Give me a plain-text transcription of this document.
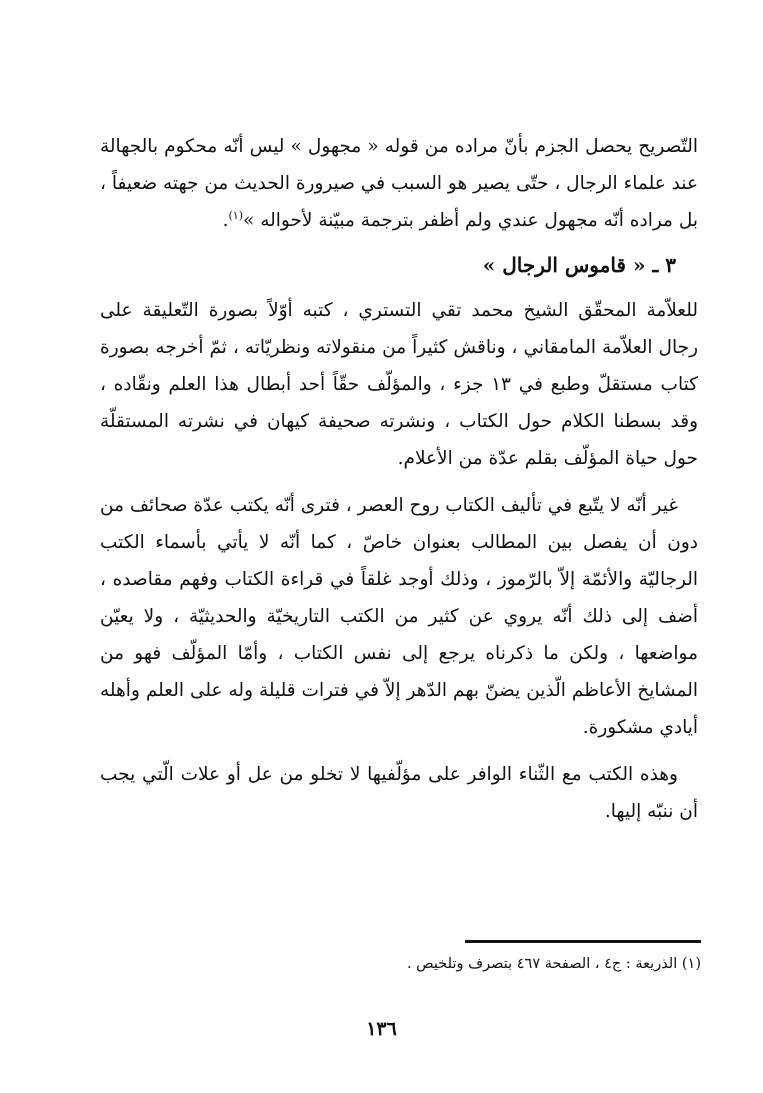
التّصريح يحصل الجزم بأنّ مراده من قوله « مجهول » ليس أنّه محكوم بالجهالة عند علماء الرجال ، حتّى يصير هو السبب في صيرورة الحديث من جهته ضعيفاً ، بل مراده أنّه مجهول عندي ولم أظفر بترجمة مبيّنة لأحواله »$^{(١)}$.

٣ ـ « قاموس الرجال »

للعلاّمة المحقّق الشيخ محمد تقي التستري ، كتبه أوّلاً بصورة التّعليقة على رجال العلاّمة المامقاني ، وناقش كثيراً من منقولاته ونظريّاته ، ثمّ أخرجه بصورة كتاب مستقلّ وطبع في ١٣ جزء ، والمؤلّف حقّاً أحد أبطال هذا العلم ونقّاده ، وقد بسطنا الكلام حول الكتاب ، ونشرته صحيفة كيهان في نشرته المستقلّة حول حياة المؤلّف بقلم عدّة من الأعلام.

غير أنّه لا يتّبع في تأليف الكتاب روح العصر ، فترى أنّه يكتب عدّة صحائف من دون أن يفصل بين المطالب بعنوان خاصّ ، كما أنّه لا يأتي بأسماء الكتب الرجاليّة والأئمّة إلاّ بالرّموز ، وذلك أوجد غلقاً في قراءة الكتاب وفهم مقاصده ، أضف إلى ذلك أنّه يروي عن كثير من الكتب التاريخيّة والحديثيّة ، ولا يعيّن مواضعها ، ولكن ما ذكرناه يرجع إلى نفس الكتاب ، وأمّا المؤلّف فهو من المشايخ الأعاظم الّذين يضنّ بهم الدّهر إلاّ في فترات قليلة وله على العلم وأهله أيادي مشكورة.

وهذه الكتب مع الثّناء الوافر على مؤلّفيها لا تخلو من عل أو علات الّتي يجب أن ننبّه إليها.

(١) الذريعة : ج٤ ، الصفحة ٤٦٧ بتصرف وتلخيص .
١٣٦
